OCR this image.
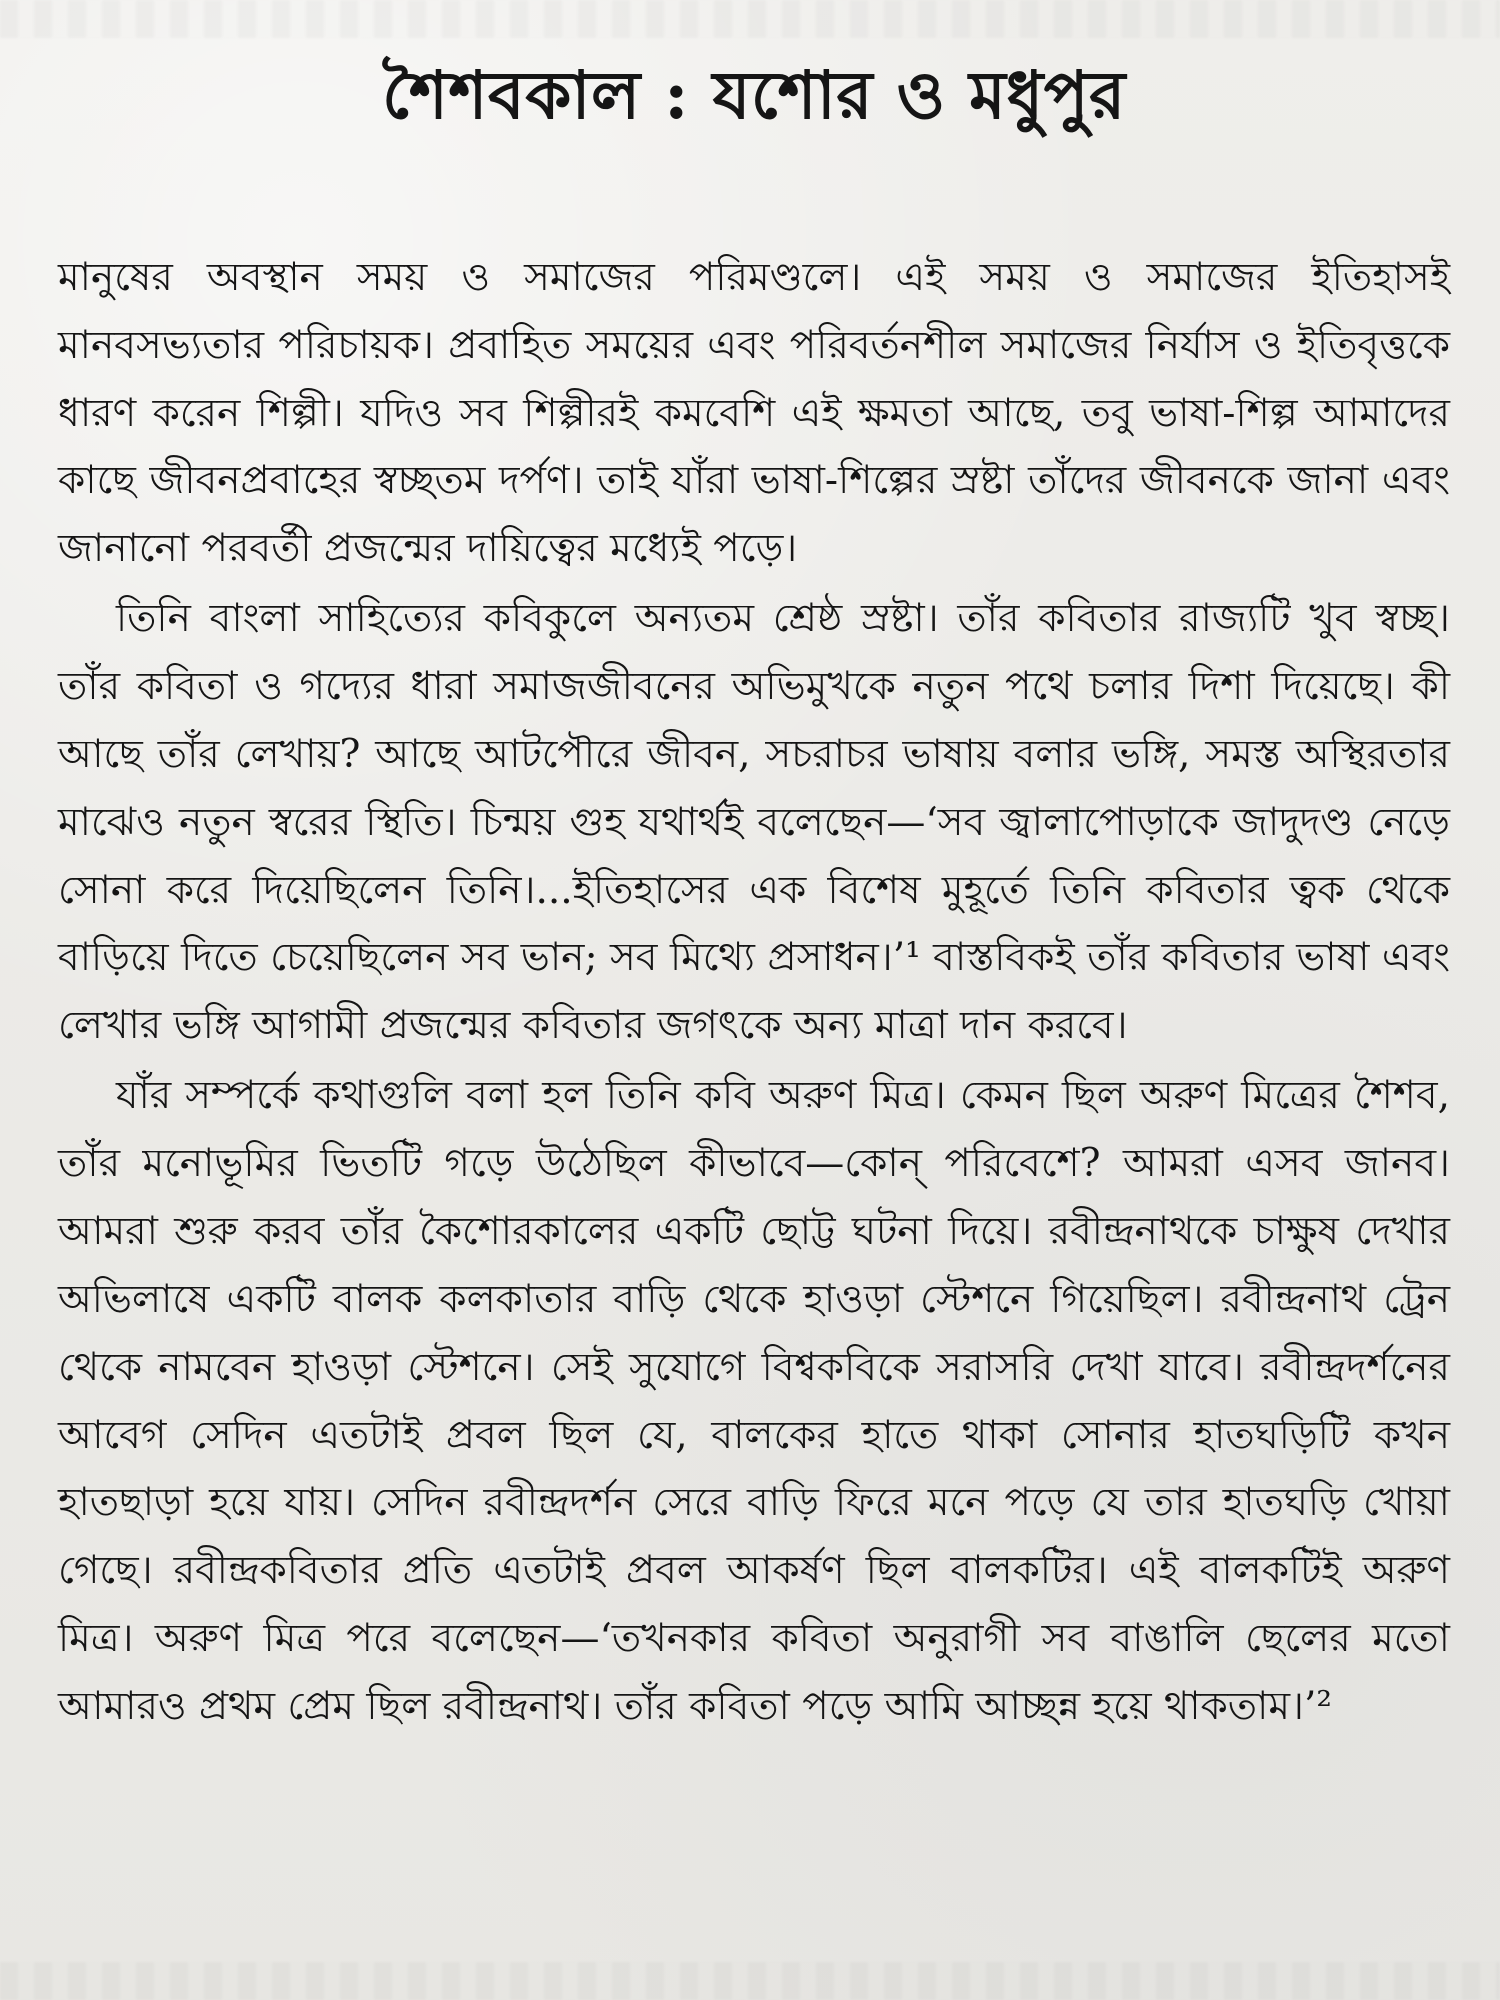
শৈশবকাল : যশোর ও মধুপুর

মানুষের অবস্থান সময় ও সমাজের পরিমণ্ডলে। এই সময় ও সমাজের ইতিহাসই মানবসভ্যতার পরিচায়ক। প্রবাহিত সময়ের এবং পরিবর্তনশীল সমাজের নির্যাস ও ইতিবৃত্তকে ধারণ করেন শিল্পী। যদিও সব শিল্পীরই কমবেশি এই ক্ষমতা আছে, তবু ভাষা-শিল্প আমাদের কাছে জীবনপ্রবাহের স্বচ্ছতম দর্পণ। তাই যাঁরা ভাষা-শিল্পের স্রষ্টা তাঁদের জীবনকে জানা এবং জানানো পরবর্তী প্রজন্মের দায়িত্বের মধ্যেই পড়ে।

তিনি বাংলা সাহিত্যের কবিকুলে অন্যতম শ্রেষ্ঠ স্রষ্টা। তাঁর কবিতার রাজ্যটি খুব স্বচ্ছ। তাঁর কবিতা ও গদ্যের ধারা সমাজজীবনের অভিমুখকে নতুন পথে চলার দিশা দিয়েছে। কী আছে তাঁর লেখায়? আছে আটপৌরে জীবন, সচরাচর ভাষায় বলার ভঙ্গি, সমস্ত অস্থিরতার মাঝেও নতুন স্বরের স্থিতি। চিন্ময় গুহ যথার্থই বলেছেন—‘সব জ্বালাপোড়াকে জাদুদণ্ড নেড়ে সোনা করে দিয়েছিলেন তিনি।...ইতিহাসের এক বিশেষ মুহূর্তে তিনি কবিতার ত্বক থেকে বাড়িয়ে দিতে চেয়েছিলেন সব ভান; সব মিথ্যে প্রসাধন।’¹ বাস্তবিকই তাঁর কবিতার ভাষা এবং লেখার ভঙ্গি আগামী প্রজন্মের কবিতার জগৎকে অন্য মাত্রা দান করবে।

যাঁর সম্পর্কে কথাগুলি বলা হল তিনি কবি অরুণ মিত্র। কেমন ছিল অরুণ মিত্রের শৈশব, তাঁর মনোভূমির ভিতটি গড়ে উঠেছিল কীভাবে—কোন্ পরিবেশে? আমরা এসব জানব। আমরা শুরু করব তাঁর কৈশোরকালের একটি ছোট্ট ঘটনা দিয়ে। রবীন্দ্রনাথকে চাক্ষুষ দেখার অভিলাষে একটি বালক কলকাতার বাড়ি থেকে হাওড়া স্টেশনে গিয়েছিল। রবীন্দ্রনাথ ট্রেন থেকে নামবেন হাওড়া স্টেশনে। সেই সুযোগে বিশ্বকবিকে সরাসরি দেখা যাবে। রবীন্দ্রদর্শনের আবেগ সেদিন এতটাই প্রবল ছিল যে, বালকের হাতে থাকা সোনার হাতঘড়িটি কখন হাতছাড়া হয়ে যায়। সেদিন রবীন্দ্রদর্শন সেরে বাড়ি ফিরে মনে পড়ে যে তার হাতঘড়ি খোয়া গেছে। রবীন্দ্রকবিতার প্রতি এতটাই প্রবল আকর্ষণ ছিল বালকটির। এই বালকটিই অরুণ মিত্র। অরুণ মিত্র পরে বলেছেন—‘তখনকার কবিতা অনুরাগী সব বাঙালি ছেলের মতো আমারও প্রথম প্রেম ছিল রবীন্দ্রনাথ। তাঁর কবিতা পড়ে আমি আচ্ছন্ন হয়ে থাকতাম।’²
